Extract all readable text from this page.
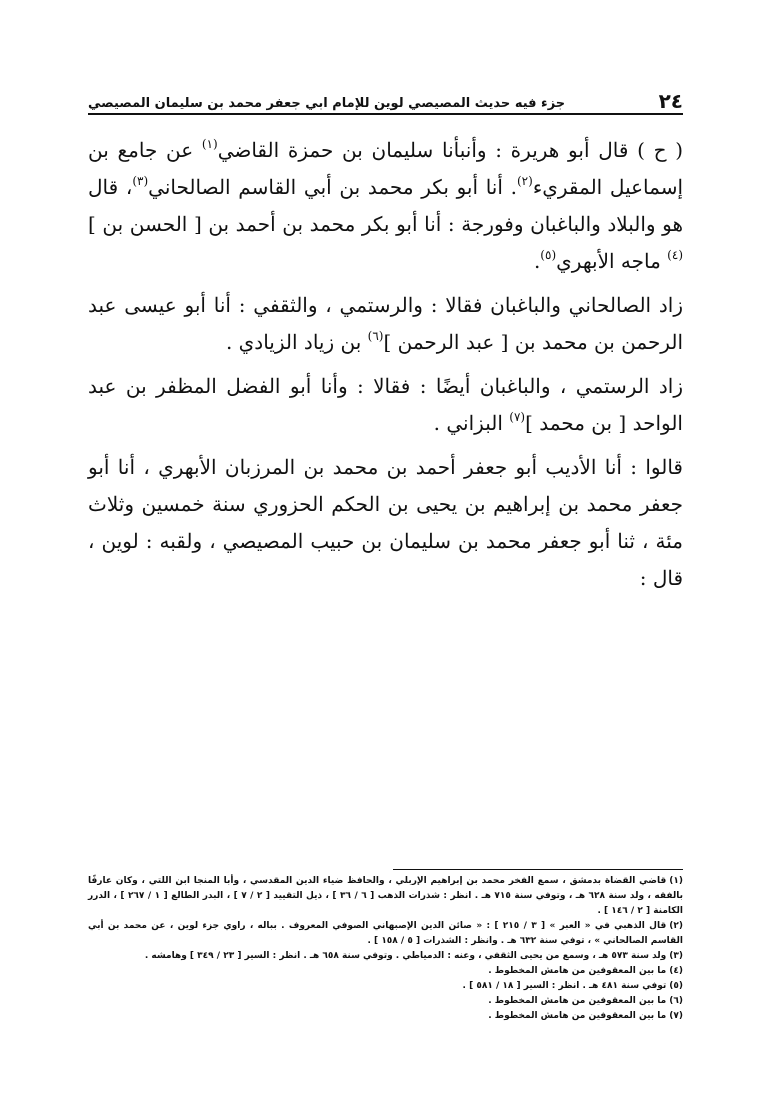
٢٤
جزء فيه حديث المصيصي لوين للإمام ابي جعفر محمد بن سليمان المصيصي

( ح ) قال أبو هريرة : وأنبأنا سليمان بن حمزة القاضي$^{(١)}$ عن جامع بن إسماعيل المقريء$^{(٢)}$. أنا أبو بكر محمد بن أبي القاسم الصالحاني$^{(٣)}$، قال هو والبلاد والباغبان وفورجة : أنا أبو بكر محمد بن أحمد بن [ الحسن بن ]$^{(٤)}$ ماجه الأبهري$^{(٥)}$.

زاد الصالحاني والباغبان فقالا : والرستمي ، والثقفي : أنا أبو عيسى عبد الرحمن بن محمد بن [ عبد الرحمن ]$^{(٦)}$ بن زياد الزيادي .

زاد الرستمي ، والباغبان أيضًا : فقالا : وأنا أبو الفضل المظفر بن عبد الواحد [ بن محمد ]$^{(٧)}$ البزاني .

قالوا : أنا الأديب أبو جعفر أحمد بن محمد بن المرزبان الأبهري ، أنا أبو جعفر محمد بن إبراهيم بن يحيى بن الحكم الحزوري سنة خمسين وثلاث مئة ، ثنا أبو جعفر محمد بن سليمان بن حبيب المصيصي ، ولقبه : لوين ، قال :

(١)قاضي القضاة بدمشق ، سمع الفخر محمد بن إبراهيم الإربلي ، والحافظ ضياء الدين المقدسي ، وأبا المنجا ابن اللتي ، وكان عارفًا بالفقه ، ولد سنة ٦٢٨ هـ ، وتوفي سنة ٧١٥ هـ . انظر : شذرات الذهب [ ٦ / ٣٦ ] ، ذيل التقييد [ ٢ / ٧ ] ، البدر الطالع [ ١ / ٢٦٧ ] ، الدرر الكامنة [ ٢ / ١٤٦ ] .

(٢)قال الذهبي في « العبر » [ ٣ / ٢١٥ ] : « صائن الدين الإصبهاني الصوفي المعروف . بباله ، راوي جزء لوين ، عن محمد بن أبي القاسم الصالحاني » ، توفي سنة ٦٣٢ هـ . وانظر : الشذرات [ ٥ / ١٥٨ ] .

(٣)ولد سنة ٥٧٣ هـ ، وسمع من يحيى الثقفي ، وعنه : الدمياطي . وتوفي سنة ٦٥٨ هـ . انظر : السير [ ٢٣ / ٣٤٩ ] وهامشه .

(٤)ما بين المعقوفين من هامش المخطوط .

(٥)توفي سنة ٤٨١ هـ . انظر : السير [ ١٨ / ٥٨١ ] .

(٦)ما بين المعقوفين من هامش المخطوط .

(٧)ما بين المعقوفين من هامش المخطوط .
